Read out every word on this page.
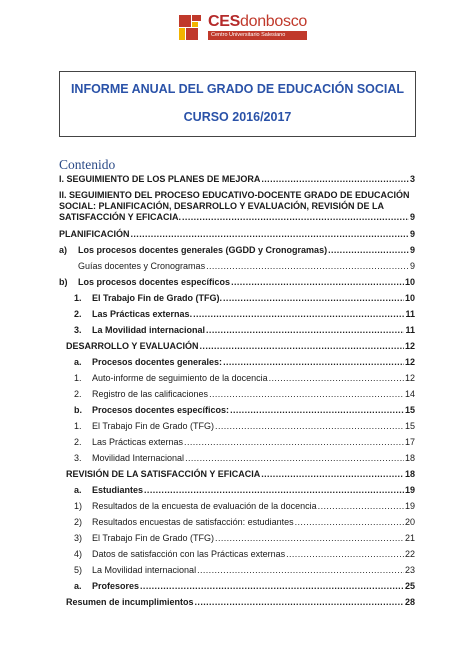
CESdonbosco
Centro Universitario Salesiano
INFORME ANUAL DEL GRADO DE EDUCACIÓN SOCIAL
CURSO 2016/2017
Contenido
I. SEGUIMIENTO DE LOS PLANES DE MEJORA .....	3
II. SEGUIMIENTO DEL PROCESO EDUCATIVO-DOCENTE GRADO DE EDUCACIÓN
SOCIAL: PLANIFICACIÓN, DESARROLLO Y EVALUACIÓN, REVISIÓN DE LA
SATISFACCIÓN Y EFICACIA. .....	9
PLANIFICACIÓN .....	9
a)	Los procesos docentes generales (GGDD y Cronogramas) .....	9
Guías docentes y Cronogramas .....	9
b)	Los procesos docentes específicos .....	10
1.	El Trabajo Fin de Grado (TFG). .....	10
2.	Las Prácticas externas. .....	11
3.	La Movilidad internacional .....	11
DESARROLLO Y EVALUACIÓN .....	12
a.	Procesos docentes generales: .....	12
1.	Auto-informe de seguimiento de la docencia .....	12
2.	Registro de las calificaciones .....	14
b.	Procesos docentes específicos: .....	15
1.	El Trabajo Fin de Grado (TFG) .....	15
2.	Las Prácticas externas .....	17
3.	Movilidad Internacional .....	18
REVISIÓN DE LA SATISFACCIÓN Y EFICACIA .....	18
a.	Estudiantes .....	19
1)	Resultados de la encuesta de evaluación de la docencia .....	19
2)	Resultados encuestas de satisfacción: estudiantes .....	20
3)	El Trabajo Fin de Grado (TFG) .....	21
4)	Datos de satisfacción con las Prácticas externas .....	22
5)	La Movilidad internacional .....	23
a.	Profesores .....	25
Resumen de incumplimientos .....	28
